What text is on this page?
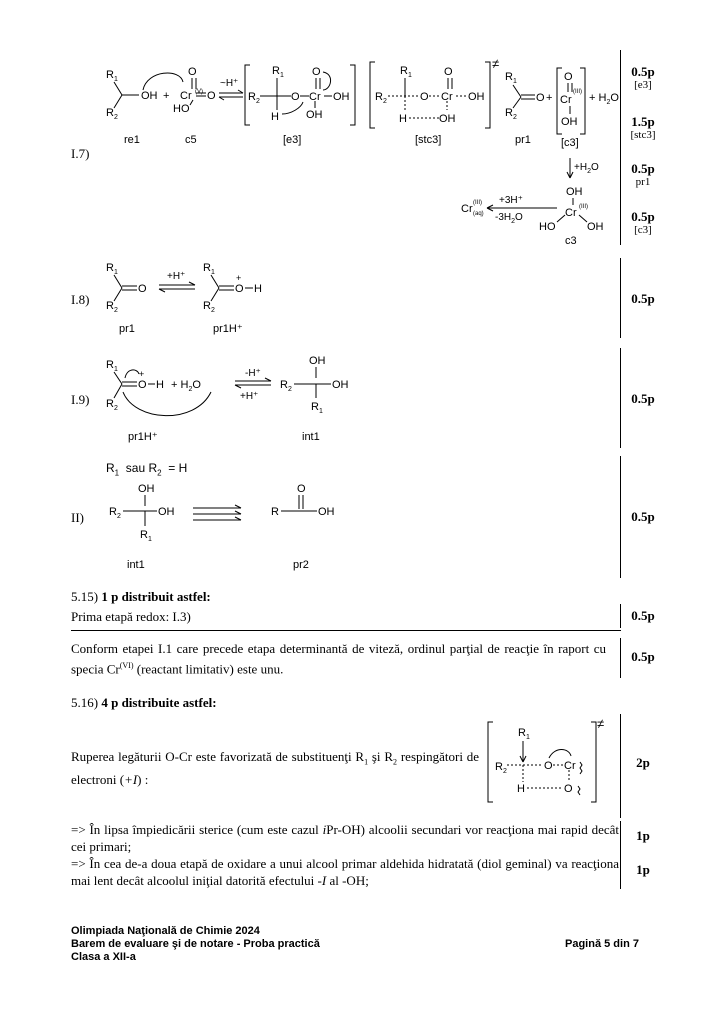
I.7)
$R_1$
$R_2$
OH +
O
Cr (V) O
HO
~H⁺
$R_1$
$R_2$
H
O Cr
O
OH
OH
$R_1$
$R_2$
H
O Cr
O
OH
OH
≠
$R_1$
$R_2$
O +
O
Cr
(III)
OH
+ $H_2O$
$+H_2O$
OH
Cr (III)
HO	OH
+3H⁺
$-3H_2O$
Cr (III)
(aq)
re1	c5	[e3]	[stc3]	pr1	[c3]
c3
0.5p
[e3]
1.5p
[stc3]
0.5p
pr1
0.5p
[c3]
I.8)
$R_1$
$R_2$
O
+H⁺
$R_1$
$R_2$
O
+
H
pr1	pr1H⁺
0.5p
I.9)
$R_1$
$R_2$
O
+
$H + H_2O$
-H⁺
+H⁺
OH
$R_2$	OH
$R_1$
pr1H⁺	int1
0.5p
II)
$R_1$ sau $R_2 = H$
OH
$R_2$	OH
$R_1$
R
O
OH
int1	pr2
0.5p
5.15) 1 p distribuit astfel:
Prima etapă redox: I.3)	0.5p
Conform etapei I.1 care precede etapa determinantă de viteză, ordinul parţial de reacţie în raport cu specia $Cr^{(VI)}$ (reactant limitativ) este unu.
0.5p
5.16) 4 p distribuite astfel:
Ruperea legăturii O-Cr este favorizată de substituenţi $R_1$ şi $R_2$ respingători de electroni (+I) :
≠
$R_1$
$R_2$
H
O Cr
O
2p
=> În lipsa împiedicării sterice (cum este cazul iPr-OH) alcoolii secundari vor reacţiona mai rapid decât cei primari;
1p
=> În cea de-a doua etapă de oxidare a unui alcool primar aldehida hidratată (diol geminal) va reacţiona mai lent decât alcoolul iniţial datorită efectului -I al -OH;
1p
Olimpiada Naţională de Chimie 2024
Barem de evaluare şi de notare - Proba practică
Clasa a XII-a
Pagină 5 din 7
